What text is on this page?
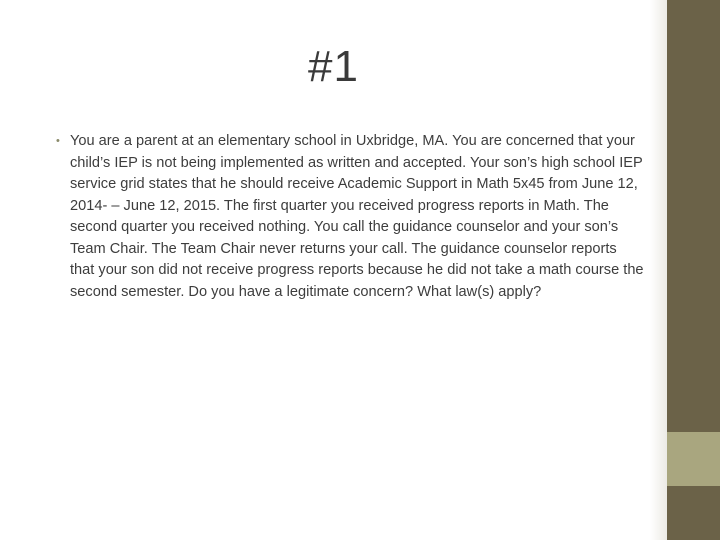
#1
• You are a parent at an elementary school in Uxbridge, MA. You are concerned that your child’s IEP is not being implemented as written and accepted. Your son’s high school IEP service grid states that he should receive Academic Support in Math 5x45 from June 12, 2014- – June 12, 2015. The first quarter you received progress reports in Math. The second quarter you received nothing. You call the guidance counselor and your son’s Team Chair. The Team Chair never returns your call. The guidance counselor reports that your son did not receive progress reports because he did not take a math course the second semester. Do you have a legitimate concern? What law(s) apply?
